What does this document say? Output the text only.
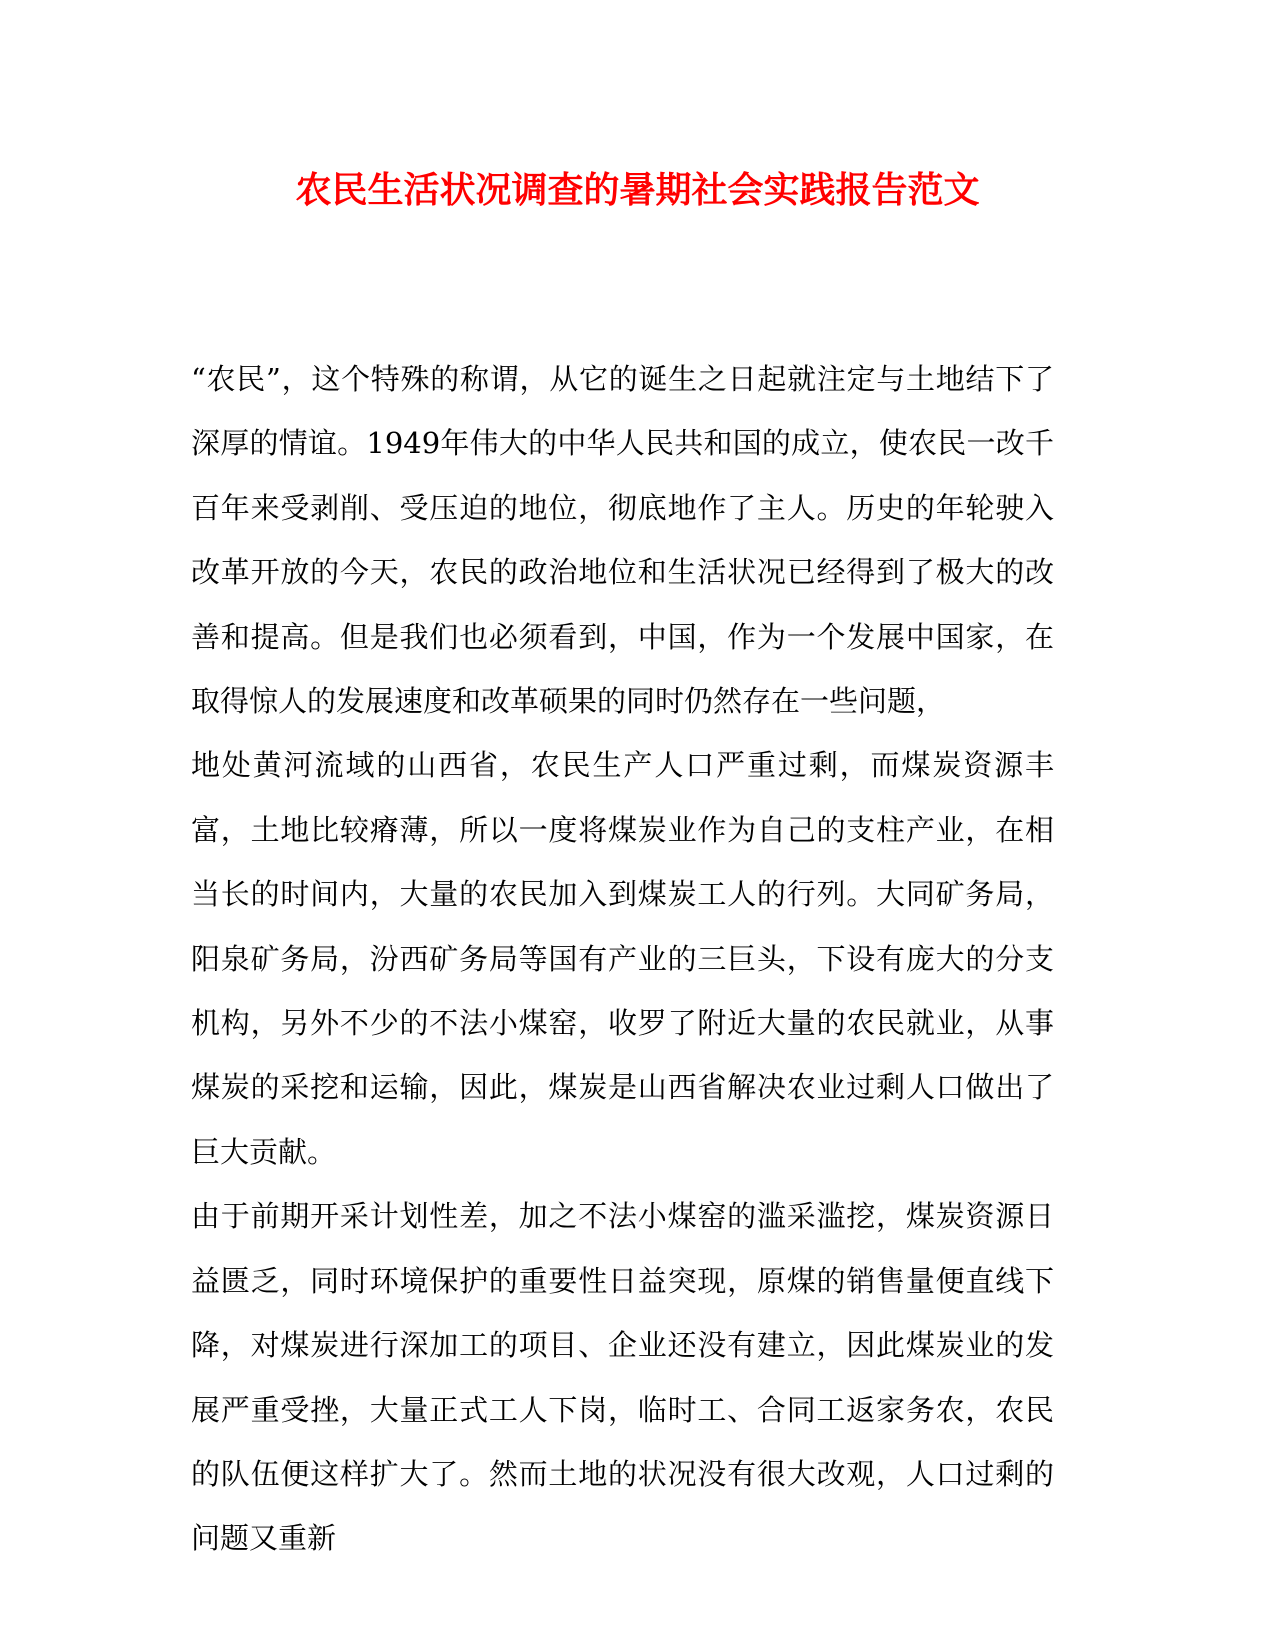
农民生活状况调查的暑期社会实践报告范文

“农民”，这个特殊的称谓，从它的诞生之日起就注定与土地结下了深厚的情谊。1949年伟大的中华人民共和国的成立，使农民一改千百年来受剥削、受压迫的地位，彻底地作了主人。历史的年轮驶入改革开放的今天，农民的政治地位和生活状况已经得到了极大的改善和提高。但是我们也必须看到，中国，作为一个发展中国家，在取得惊人的发展速度和改革硕果的同时仍然存在一些问题，

地处黄河流域的山西省，农民生产人口严重过剩，而煤炭资源丰富，土地比较瘠薄，所以一度将煤炭业作为自己的支柱产业，在相当长的时间内，大量的农民加入到煤炭工人的行列。大同矿务局，阳泉矿务局，汾西矿务局等国有产业的三巨头，下设有庞大的分支机构，另外不少的不法小煤窑，收罗了附近大量的农民就业，从事煤炭的采挖和运输，因此，煤炭是山西省解决农业过剩人口做出了巨大贡献。

由于前期开采计划性差，加之不法小煤窑的滥采滥挖，煤炭资源日益匮乏，同时环境保护的重要性日益突现，原煤的销售量便直线下降，对煤炭进行深加工的项目、企业还没有建立，因此煤炭业的发展严重受挫，大量正式工人下岗，临时工、合同工返家务农，农民的队伍便这样扩大了。然而土地的状况没有很大改观，人口过剩的问题又重新
